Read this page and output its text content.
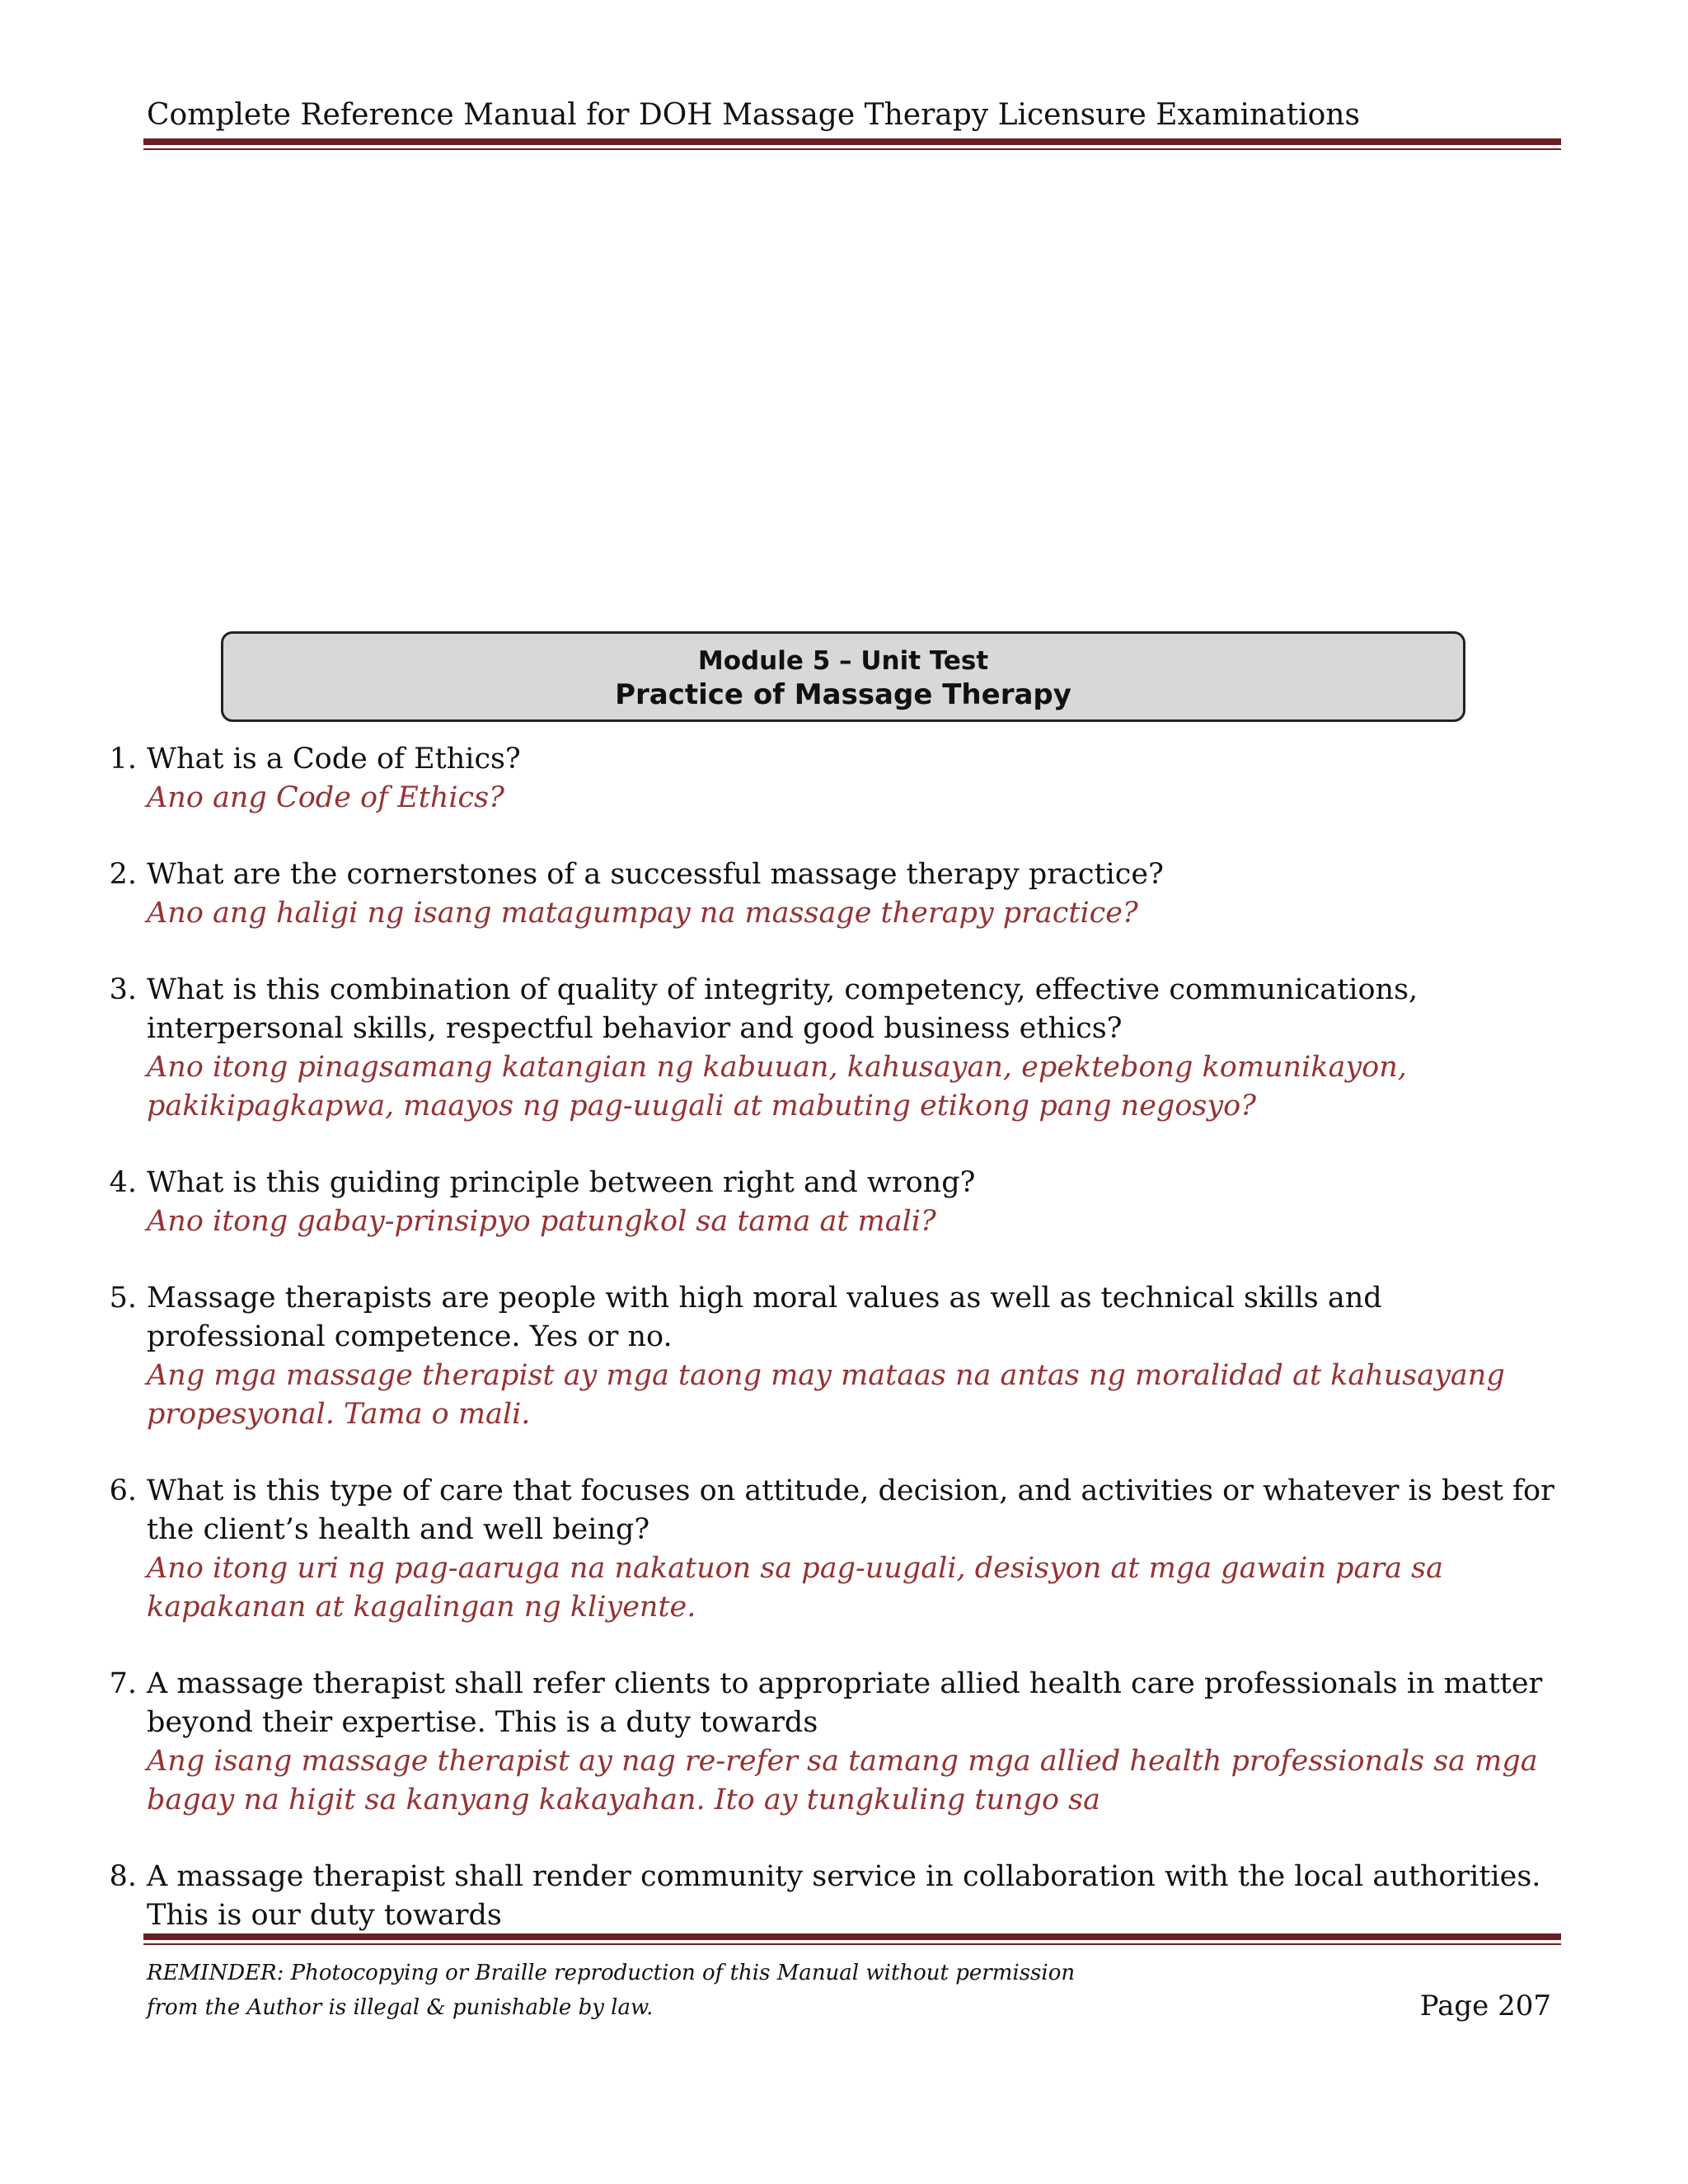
Complete Reference Manual for DOH Massage Therapy Licensure Examinations
Module 5 – Unit Test
Practice of Massage Therapy
1. What is a Code of Ethics?
Ano ang Code of Ethics?
2. What are the cornerstones of a successful massage therapy practice?
Ano ang haligi ng isang matagumpay na massage therapy practice?
3. What is this combination of quality of integrity, competency, effective communications, interpersonal skills, respectful behavior and good business ethics?
Ano itong pinagsamang katangian ng kabuuan, kahusayan, epektebong komunikayon, pakikipagkapwa, maayos ng pag-uugali at mabuting etikong pang negosyo?
4. What is this guiding principle between right and wrong?
Ano itong gabay-prinsipyo patungkol sa tama at mali?
5. Massage therapists are people with high moral values as well as technical skills and professional competence. Yes or no.
Ang mga massage therapist ay mga taong may mataas na antas ng moralidad at kahusayang propesyonal. Tama o mali.
6. What is this type of care that focuses on attitude, decision, and activities or whatever is best for the client’s health and well being?
Ano itong uri ng pag-aaruga na nakatuon sa pag-uugali, desisyon at mga gawain para sa kapakanan at kagalingan ng kliyente.
7. A massage therapist shall refer clients to appropriate allied health care professionals in matter beyond their expertise. This is a duty towards
Ang isang massage therapist ay nag re-refer sa tamang mga allied health professionals sa mga bagay na higit sa kanyang kakayahan. Ito ay tungkuling tungo sa
8. A massage therapist shall render community service in collaboration with the local authorities. This is our duty towards
REMINDER: Photocopying or Braille reproduction of this Manual without permission
from the Author is illegal & punishable by law.	Page 207
